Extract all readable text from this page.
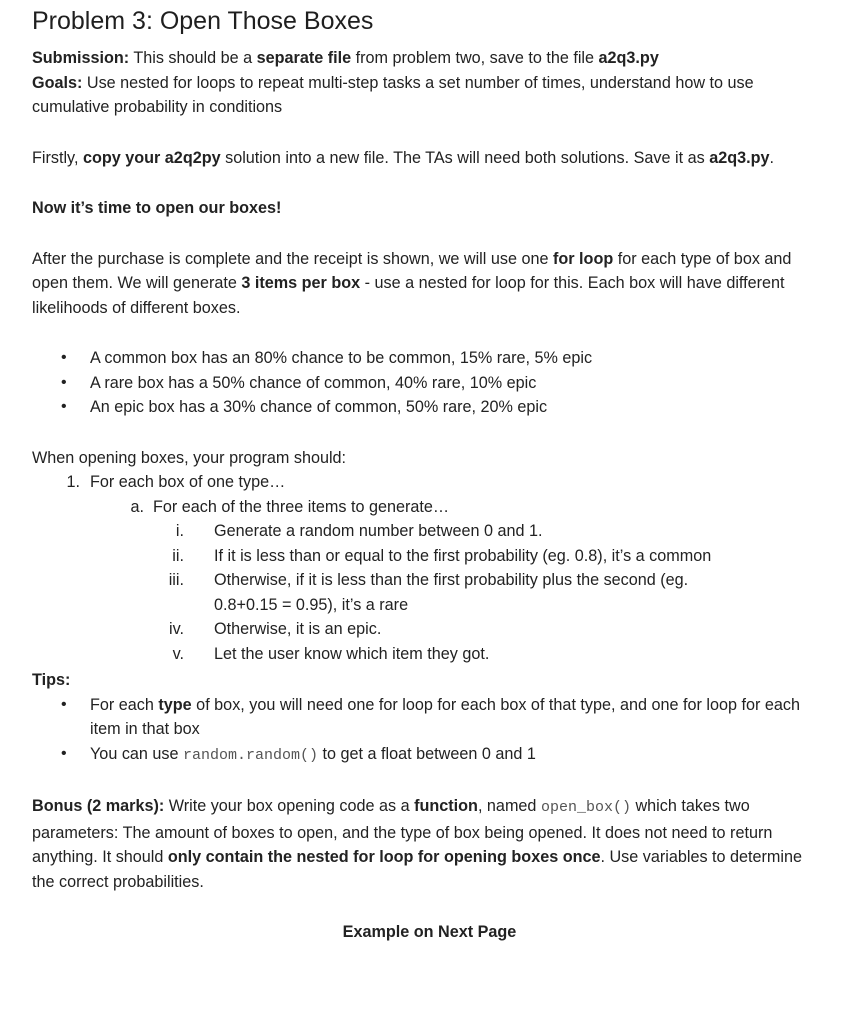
Problem 3: Open Those Boxes

Submission: This should be a separate file from problem two, save to the file a2q3.py

Goals: Use nested for loops to repeat multi-step tasks a set number of times, understand how to use cumulative probability in conditions

Firstly, copy your a2q2py solution into a new file. The TAs will need both solutions. Save it as a2q3.py.

Now it’s time to open our boxes!

After the purchase is complete and the receipt is shown, we will use one for loop for each type of box and open them. We will generate 3 items per box - use a nested for loop for this. Each box will have different likelihoods of different boxes.

• A common box has an 80% chance to be common, 15% rare, 5% epic
• A rare box has a 50% chance of common, 40% rare, 10% epic
• An epic box has a 30% chance of common, 50% rare, 20% epic

When opening boxes, your program should:

1. For each box of one type…
a. For each of the three items to generate…
i. Generate a random number between 0 and 1.
ii. If it is less than or equal to the first probability (eg. 0.8), it’s a common
iii. Otherwise, if it is less than the first probability plus the second (eg.
0.8+0.15 = 0.95), it’s a rare
iv. Otherwise, it is an epic.
v. Let the user know which item they got.

Tips:

• For each type of box, you will need one for loop for each box of that type, and one for loop for each item in that box
• You can use random.random() to get a float between 0 and 1

Bonus (2 marks): Write your box opening code as a function, named open_box() which takes two parameters: The amount of boxes to open, and the type of box being opened. It does not need to return anything. It should only contain the nested for loop for opening boxes once. Use variables to determine the correct probabilities.

Example on Next Page
